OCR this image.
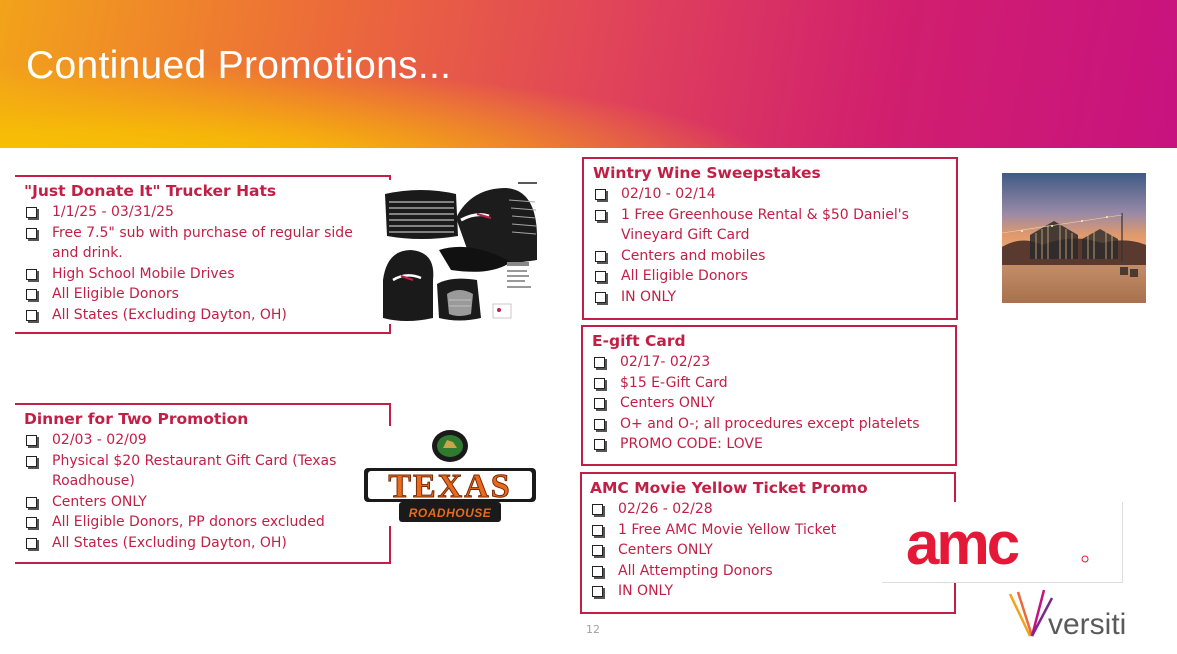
Continued Promotions...
"Just Donate It" Trucker Hats
1/1/25 - 03/31/25
Free 7.5" sub with purchase of regular side and drink.
High School Mobile Drives
All Eligible Donors
All States (Excluding Dayton, OH)
Dinner for Two Promotion
02/03 - 02/09
Physical $20 Restaurant Gift Card (Texas Roadhouse)
Centers ONLY
All Eligible Donors, PP donors excluded
All States (Excluding Dayton, OH)
TEXAS
ROADHOUSE
Wintry Wine Sweepstakes
02/10 - 02/14
1 Free Greenhouse Rental & $50 Daniel's Vineyard Gift Card
Centers and mobiles
All Eligible Donors
IN ONLY
E-gift Card
02/17- 02/23
$15 E-Gift Card
Centers ONLY
O+ and O-; all procedures except platelets
PROMO CODE: LOVE
AMC Movie Yellow Ticket Promo
02/26 - 02/28
1 Free AMC Movie Yellow Ticket
Centers ONLY
All Attempting Donors
IN ONLY
amc
versiti
12
